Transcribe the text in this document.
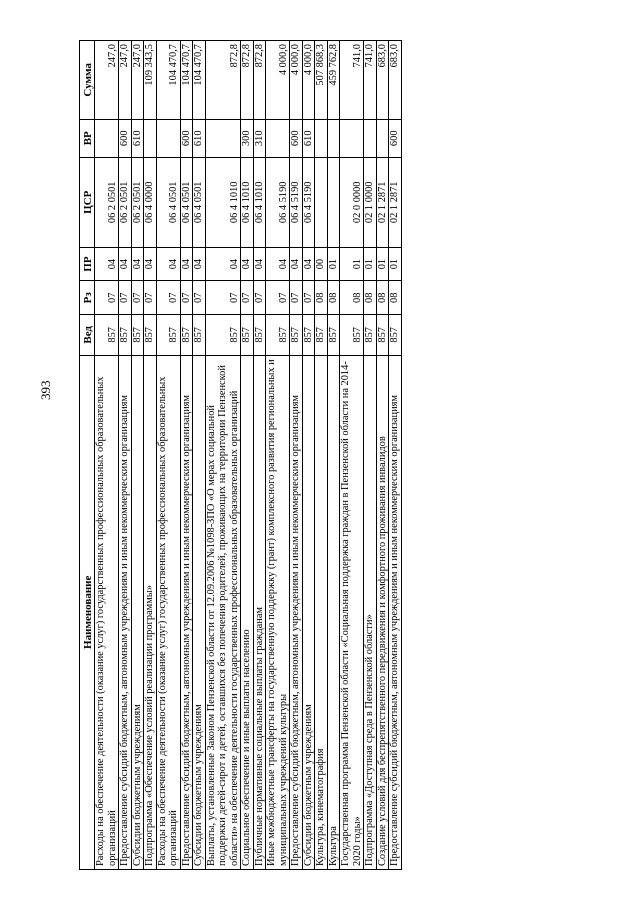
393
Наименование	Вед	Рз	ПР	ЦСР	ВР	Сумма
Расходы на обеспечение деятельности (оказание услуг) государственных профессиональных образовательных организаций	857	07	04	06 2 0501		247,0
Предоставление субсидий бюджетным, автономным учреждениям и иным некоммерческим организациям	857	07	04	06 2 0501	600	247,0
Субсидии бюджетным учреждениям	857	07	04	06 2 0501	610	247,0
Подпрограмма «Обеспечение условий реализации программы»	857	07	04	06 4 0000		109 343,5
Расходы на обеспечение деятельности (оказание услуг) государственных профессиональных образовательных организаций	857	07	04	06 4 0501		104 470,7
Предоставление субсидий бюджетным, автономным учреждениям и иным некоммерческим организациям	857	07	04	06 4 0501	600	104 470,7
Субсидии бюджетным учреждениям	857	07	04	06 4 0501	610	104 470,7
Выплаты, установленные Законом Пензенской области от 12.09.2006 №1098-ЗПО «О мерах социальной поддержки детей-сирот и детей, оставшихся без попечения родителей, проживающих на территории Пензенской области» на обеспечение деятельности государственных профессиональных образовательных организаций	857	07	04	06 4 1010		872,8
Социальное обеспечение и иные выплаты населению	857	07	04	06 4 1010	300	872,8
Публичные нормативные социальные выплаты гражданам	857	07	04	06 4 1010	310	872,8
Иные межбюджетные трансферты на государственную поддержку (грант) комплексного развития региональных и муниципальных учреждений культуры	857	07	04	06 4 5190		4 000,0
Предоставление субсидий бюджетным, автономным учреждениям и иным некоммерческим организациям	857	07	04	06 4 5190	600	4 000,0
Субсидии бюджетным учреждениям	857	07	04	06 4 5190	610	4 000,0
Культура, кинематография	857	08	00			507 868,3
Культура	857	08	01			459 762,8
Государственная программа Пензенской области «Социальная поддержка граждан в Пензенской области на 2014-2020 годы»	857	08	01	02 0 0000		741,0
Подпрограмма «Доступная среда в Пензенской области»	857	08	01	02 1 0000		741,0
Создание условий для беспрепятственного передвижения и комфортного проживания инвалидов	857	08	01	02 1 2871		683,0
Предоставление субсидий бюджетным, автономным учреждениям и иным некоммерческим организациям	857	08	01	02 1 2871	600	683,0
